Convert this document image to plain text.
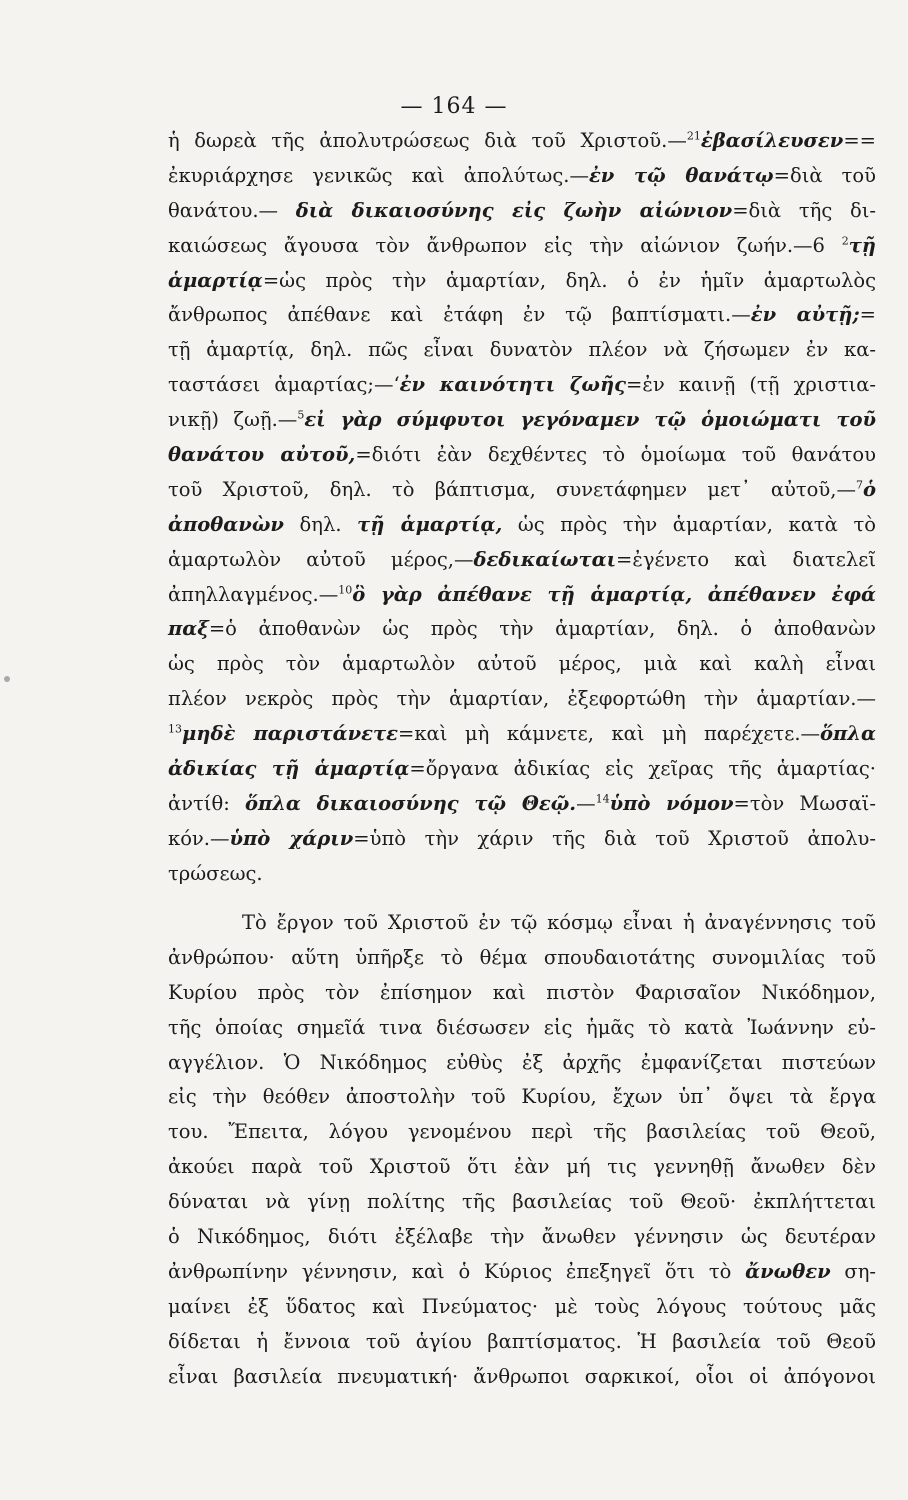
— 164 —
ἡ δωρεὰ τῆς ἀπολυτρώσεως διὰ τοῦ Χριστοῦ.—$^{21}$ἐβασίλευσεν==
ἐκυριάρχησε γενικῶς καὶ ἀπολύτως.—ἐν τῷ θανάτῳ=διὰ τοῦ
θανάτου.— διὰ δικαιοσύνης εἰς ζωὴν αἰώνιον=διὰ τῆς δι-
καιώσεως ἄγουσα τὸν ἄνθρωπον εἰς τὴν αἰώνιον ζωήν.—6 $^2$τῇ
ἁμαρτίᾳ=ὡς πρὸς τὴν ἁμαρτίαν, δηλ. ὁ ἐν ἡμῖν ἁμαρτωλὸς
ἄνθρωπος ἀπέθανε καὶ ἐτάφη ἐν τῷ βαπτίσματι.—ἐν αὐτῇ;=
τῇ ἁμαρτίᾳ, δηλ. πῶς εἶναι δυνατὸν πλέον νὰ ζήσωμεν ἐν κα-
ταστάσει ἁμαρτίας;—‘ἐν καινότητι ζωῆς=ἐν καινῇ (τῇ χριστια-
νικῇ) ζωῇ.—$^5$εἰ γὰρ σύμφυτοι γεγόναμεν τῷ ὁμοιώματι τοῦ
θανάτου αὐτοῦ,=διότι ἐὰν δεχθέντες τὸ ὁμοίωμα τοῦ θανάτου
τοῦ Χριστοῦ, δηλ. τὸ βάπτισμα, συνετάφημεν μετ᾽ αὐτοῦ,—$^7$ὁ
ἀποθανὼν δηλ. τῇ ἁμαρτίᾳ, ὡς πρὸς τὴν ἁμαρτίαν, κατὰ τὸ
ἁμαρτωλὸν αὐτοῦ μέρος,—δεδικαίωται=ἐγένετο καὶ διατελεῖ
ἀπηλλαγμένος.—$^{10}$ὃ γὰρ ἀπέθανε τῇ ἁμαρτίᾳ, ἀπέθανεν ἐφά
παξ=ὁ ἀποθανὼν ὡς πρὸς τὴν ἁμαρτίαν, δηλ. ὁ ἀποθανὼν
ὡς πρὸς τὸν ἁμαρτωλὸν αὐτοῦ μέρος, μιὰ καὶ καλὴ εἶναι
πλέον νεκρὸς πρὸς τὴν ἁμαρτίαν, ἐξεφορτώθη τὴν ἁμαρτίαν.—
$^{13}$μηδὲ παριστάνετε=καὶ μὴ κάμνετε, καὶ μὴ παρέχετε.—ὅπλα
ἀδικίας τῇ ἁμαρτίᾳ=ὄργανα ἀδικίας εἰς χεῖρας τῆς ἁμαρτίας·
ἀντίθ: ὅπλα δικαιοσύνης τῷ Θεῷ.—$^{14}$ὑπὸ νόμον=τὸν Μωσαϊ-
κόν.—ὑπὸ χάριν=ὑπὸ τὴν χάριν τῆς διὰ τοῦ Χριστοῦ ἀπολυ-
τρώσεως.
Τὸ ἔργον τοῦ Χριστοῦ ἐν τῷ κόσμῳ εἶναι ἡ ἀναγέννησις τοῦ
ἀνθρώπου· αὕτη ὑπῆρξε τὸ θέμα σπουδαιοτάτης συνομιλίας τοῦ
Κυρίου πρὸς τὸν ἐπίσημον καὶ πιστὸν Φαρισαῖον Νικόδημον,
τῆς ὁποίας σημεῖά τινα διέσωσεν εἰς ἡμᾶς τὸ κατὰ Ἰωάννην εὐ-
αγγέλιον. Ὁ Νικόδημος εὐθὺς ἐξ ἀρχῆς ἐμφανίζεται πιστεύων
εἰς τὴν θεόθεν ἀποστολὴν τοῦ Κυρίου, ἔχων ὑπ᾽ ὄψει τὰ ἔργα
του. Ἔπειτα, λόγου γενομένου περὶ τῆς βασιλείας τοῦ Θεοῦ,
ἀκούει παρὰ τοῦ Χριστοῦ ὅτι ἐὰν μή τις γεννηθῇ ἄνωθεν δὲν
δύναται νὰ γίνῃ πολίτης τῆς βασιλείας τοῦ Θεοῦ· ἐκπλήττεται
ὁ Νικόδημος, διότι ἐξέλαβε τὴν ἄνωθεν γέννησιν ὡς δευτέραν
ἀνθρωπίνην γέννησιν, καὶ ὁ Κύριος ἐπεξηγεῖ ὅτι τὸ ἄνωθεν ση-
μαίνει ἐξ ὕδατος καὶ Πνεύματος· μὲ τοὺς λόγους τούτους μᾶς
δίδεται ἡ ἔννοια τοῦ ἁγίου βαπτίσματος. Ἡ βασιλεία τοῦ Θεοῦ
εἶναι βασιλεία πνευματική· ἄνθρωποι σαρκικοί, οἷοι οἱ ἀπόγονοι
